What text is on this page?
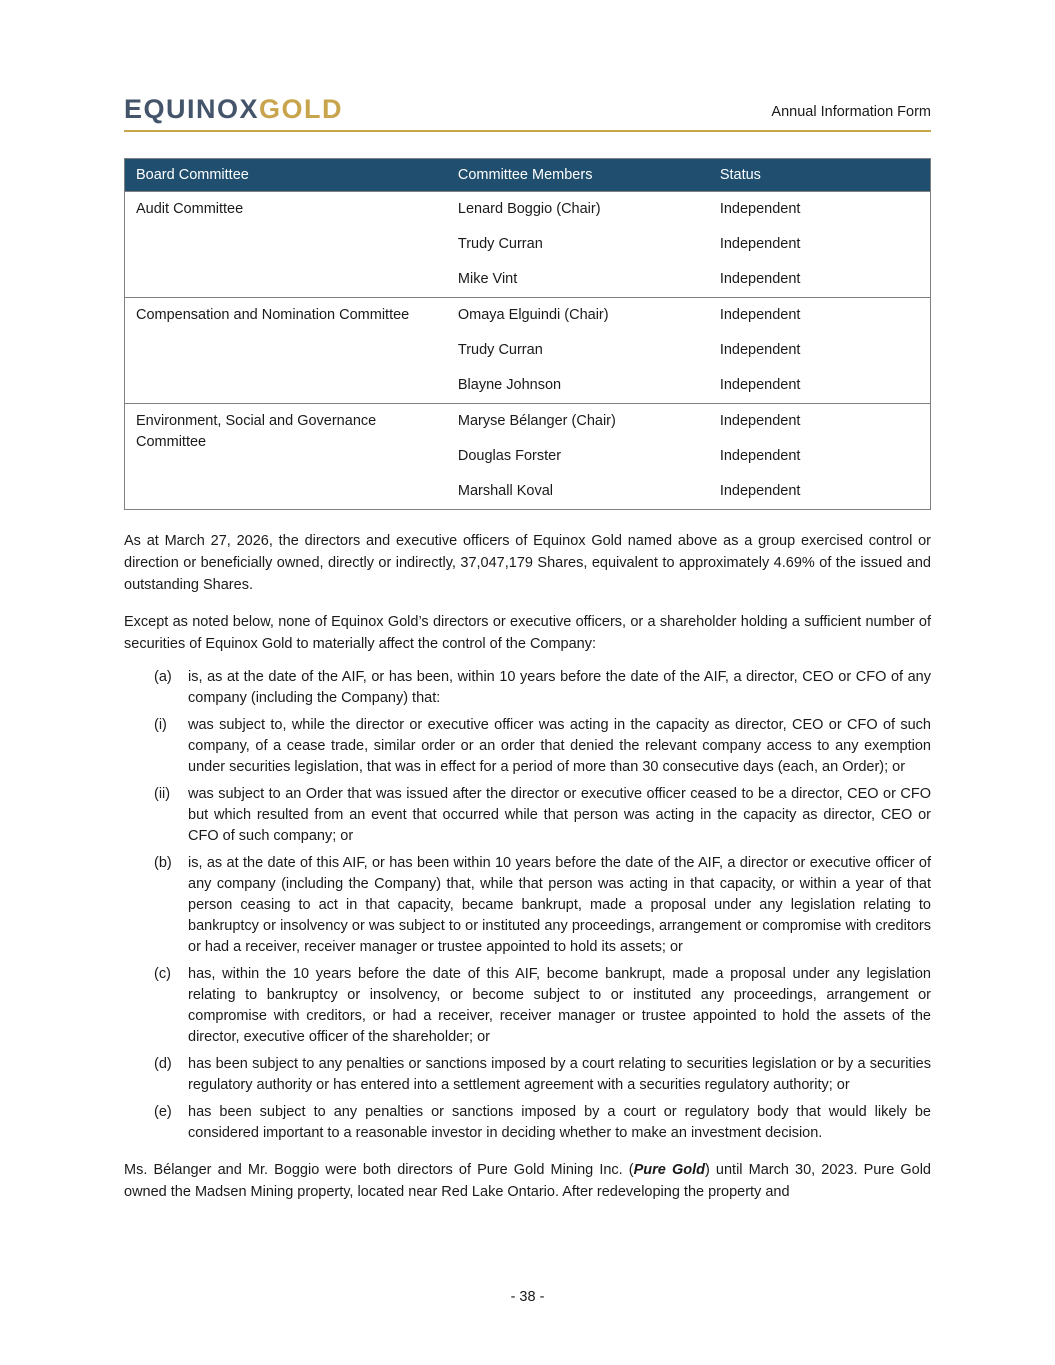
EQUINOXGOLD	Annual Information Form
Board Committee	Committee Members	Status
Audit Committee	Lenard Boggio (Chair)	Independent
	Trudy Curran	Independent
	Mike Vint	Independent
Compensation and Nomination Committee	Omaya Elguindi (Chair)	Independent
	Trudy Curran	Independent
	Blayne Johnson	Independent
Environment, Social and Governance Committee	Maryse Bélanger (Chair)	Independent
	Douglas Forster	Independent
	Marshall Koval	Independent

As at March 27, 2026, the directors and executive officers of Equinox Gold named above as a group exercised control or direction or beneficially owned, directly or indirectly, 37,047,179 Shares, equivalent to approximately 4.69% of the issued and outstanding Shares.

Except as noted below, none of Equinox Gold’s directors or executive officers, or a shareholder holding a sufficient number of securities of Equinox Gold to materially affect the control of the Company:

(a)	is, as at the date of the AIF, or has been, within 10 years before the date of the AIF, a director, CEO or CFO of any company (including the Company) that:
(i)	was subject to, while the director or executive officer was acting in the capacity as director, CEO or CFO of such company, of a cease trade, similar order or an order that denied the relevant company access to any exemption under securities legislation, that was in effect for a period of more than 30 consecutive days (each, an Order); or
(ii)	was subject to an Order that was issued after the director or executive officer ceased to be a director, CEO or CFO but which resulted from an event that occurred while that person was acting in the capacity as director, CEO or CFO of such company; or
(b)	is, as at the date of this AIF, or has been within 10 years before the date of the AIF, a director or executive officer of any company (including the Company) that, while that person was acting in that capacity, or within a year of that person ceasing to act in that capacity, became bankrupt, made a proposal under any legislation relating to bankruptcy or insolvency or was subject to or instituted any proceedings, arrangement or compromise with creditors or had a receiver, receiver manager or trustee appointed to hold its assets; or
(c)	has, within the 10 years before the date of this AIF, become bankrupt, made a proposal under any legislation relating to bankruptcy or insolvency, or become subject to or instituted any proceedings, arrangement or compromise with creditors, or had a receiver, receiver manager or trustee appointed to hold the assets of the director, executive officer of the shareholder; or
(d)	has been subject to any penalties or sanctions imposed by a court relating to securities legislation or by a securities regulatory authority or has entered into a settlement agreement with a securities regulatory authority; or
(e)	has been subject to any penalties or sanctions imposed by a court or regulatory body that would likely be considered important to a reasonable investor in deciding whether to make an investment decision.

Ms. Bélanger and Mr. Boggio were both directors of Pure Gold Mining Inc. (Pure Gold) until March 30, 2023. Pure Gold owned the Madsen Mining property, located near Red Lake Ontario. After redeveloping the property and

- 38 -
